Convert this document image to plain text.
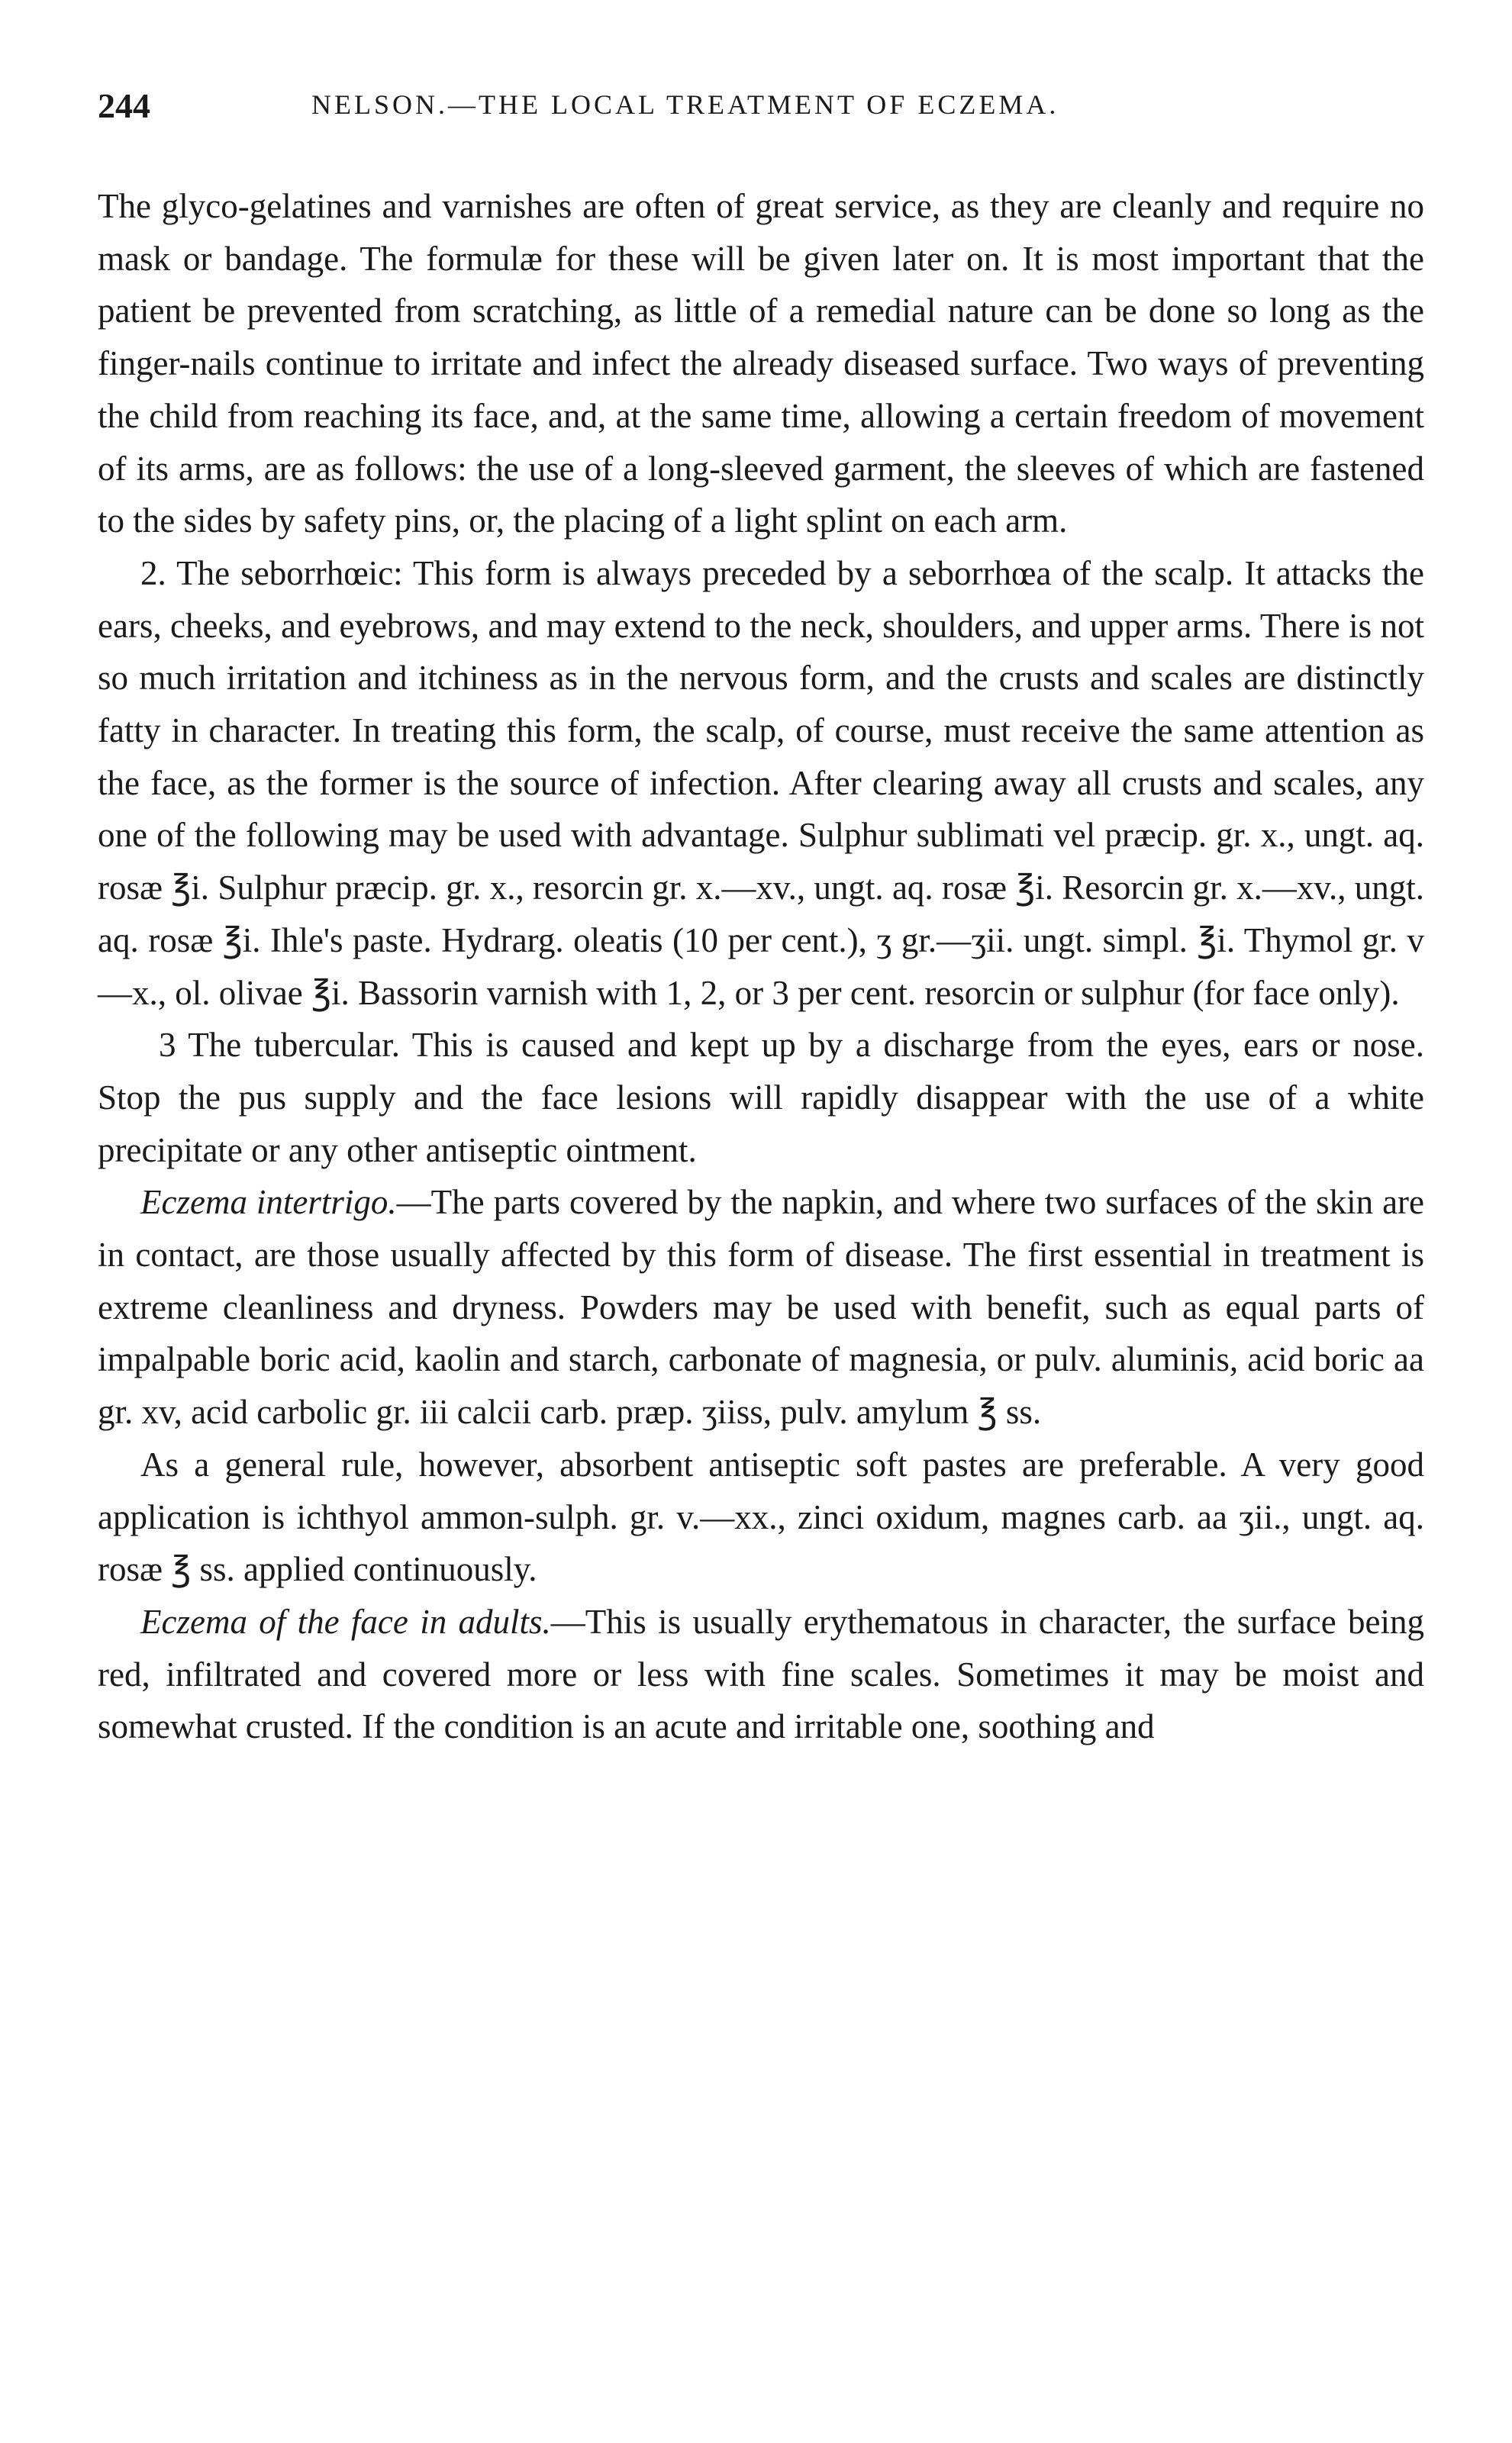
244	NELSON.—THE LOCAL TREATMENT OF ECZEMA.

The glyco-gelatines and varnishes are often of great service, as they are cleanly and require no mask or bandage. The formulæ for these will be given later on. It is most important that the patient be prevented from scratching, as little of a remedial nature can be done so long as the finger-nails continue to irritate and infect the already diseased surface. Two ways of preventing the child from reaching its face, and, at the same time, allowing a certain freedom of movement of its arms, are as follows: the use of a long-sleeved garment, the sleeves of which are fastened to the sides by safety pins, or, the placing of a light splint on each arm.

2. The seborrhœic: This form is always preceded by a seborrhœa of the scalp. It attacks the ears, cheeks, and eyebrows, and may extend to the neck, shoulders, and upper arms. There is not so much irritation and itchiness as in the nervous form, and the crusts and scales are distinctly fatty in character. In treating this form, the scalp, of course, must receive the same attention as the face, as the former is the source of infection. After clearing away all crusts and scales, any one of the following may be used with advantage. Sulphur sublimati vel præcip. gr. x., ungt. aq. rosæ ℥i. Sulphur præcip. gr. x., resorcin gr. x.—xv., ungt. aq. rosæ ℥i. Resorcin gr. x.—xv., ungt. aq. rosæ ℥i. Ihle's paste. Hydrarg. oleatis (10 per cent.), ʒ gr.—ʒii. ungt. simpl. ℥i. Thymol gr. v—x., ol. olivae ℥i. Bassorin varnish with 1, 2, or 3 per cent. resorcin or sulphur (for face only).

3 The tubercular. This is caused and kept up by a discharge from the eyes, ears or nose. Stop the pus supply and the face lesions will rapidly disappear with the use of a white precipitate or any other antiseptic ointment.

Eczema intertrigo.—The parts covered by the napkin, and where two surfaces of the skin are in contact, are those usually affected by this form of disease. The first essential in treatment is extreme cleanliness and dryness. Powders may be used with benefit, such as equal parts of impalpable boric acid, kaolin and starch, carbonate of magnesia, or pulv. aluminis, acid boric aa gr. xv, acid carbolic gr. iii calcii carb. præp. ʒiiss, pulv. amylum ℥ ss.

As a general rule, however, absorbent antiseptic soft pastes are preferable. A very good application is ichthyol ammon-sulph. gr. v.—xx., zinci oxidum, magnes carb. aa ʒii., ungt. aq. rosæ ℥ ss. applied continuously.

Eczema of the face in adults.—This is usually erythematous in character, the surface being red, infiltrated and covered more or less with fine scales. Sometimes it may be moist and somewhat crusted. If the condition is an acute and irritable one, soothing and
